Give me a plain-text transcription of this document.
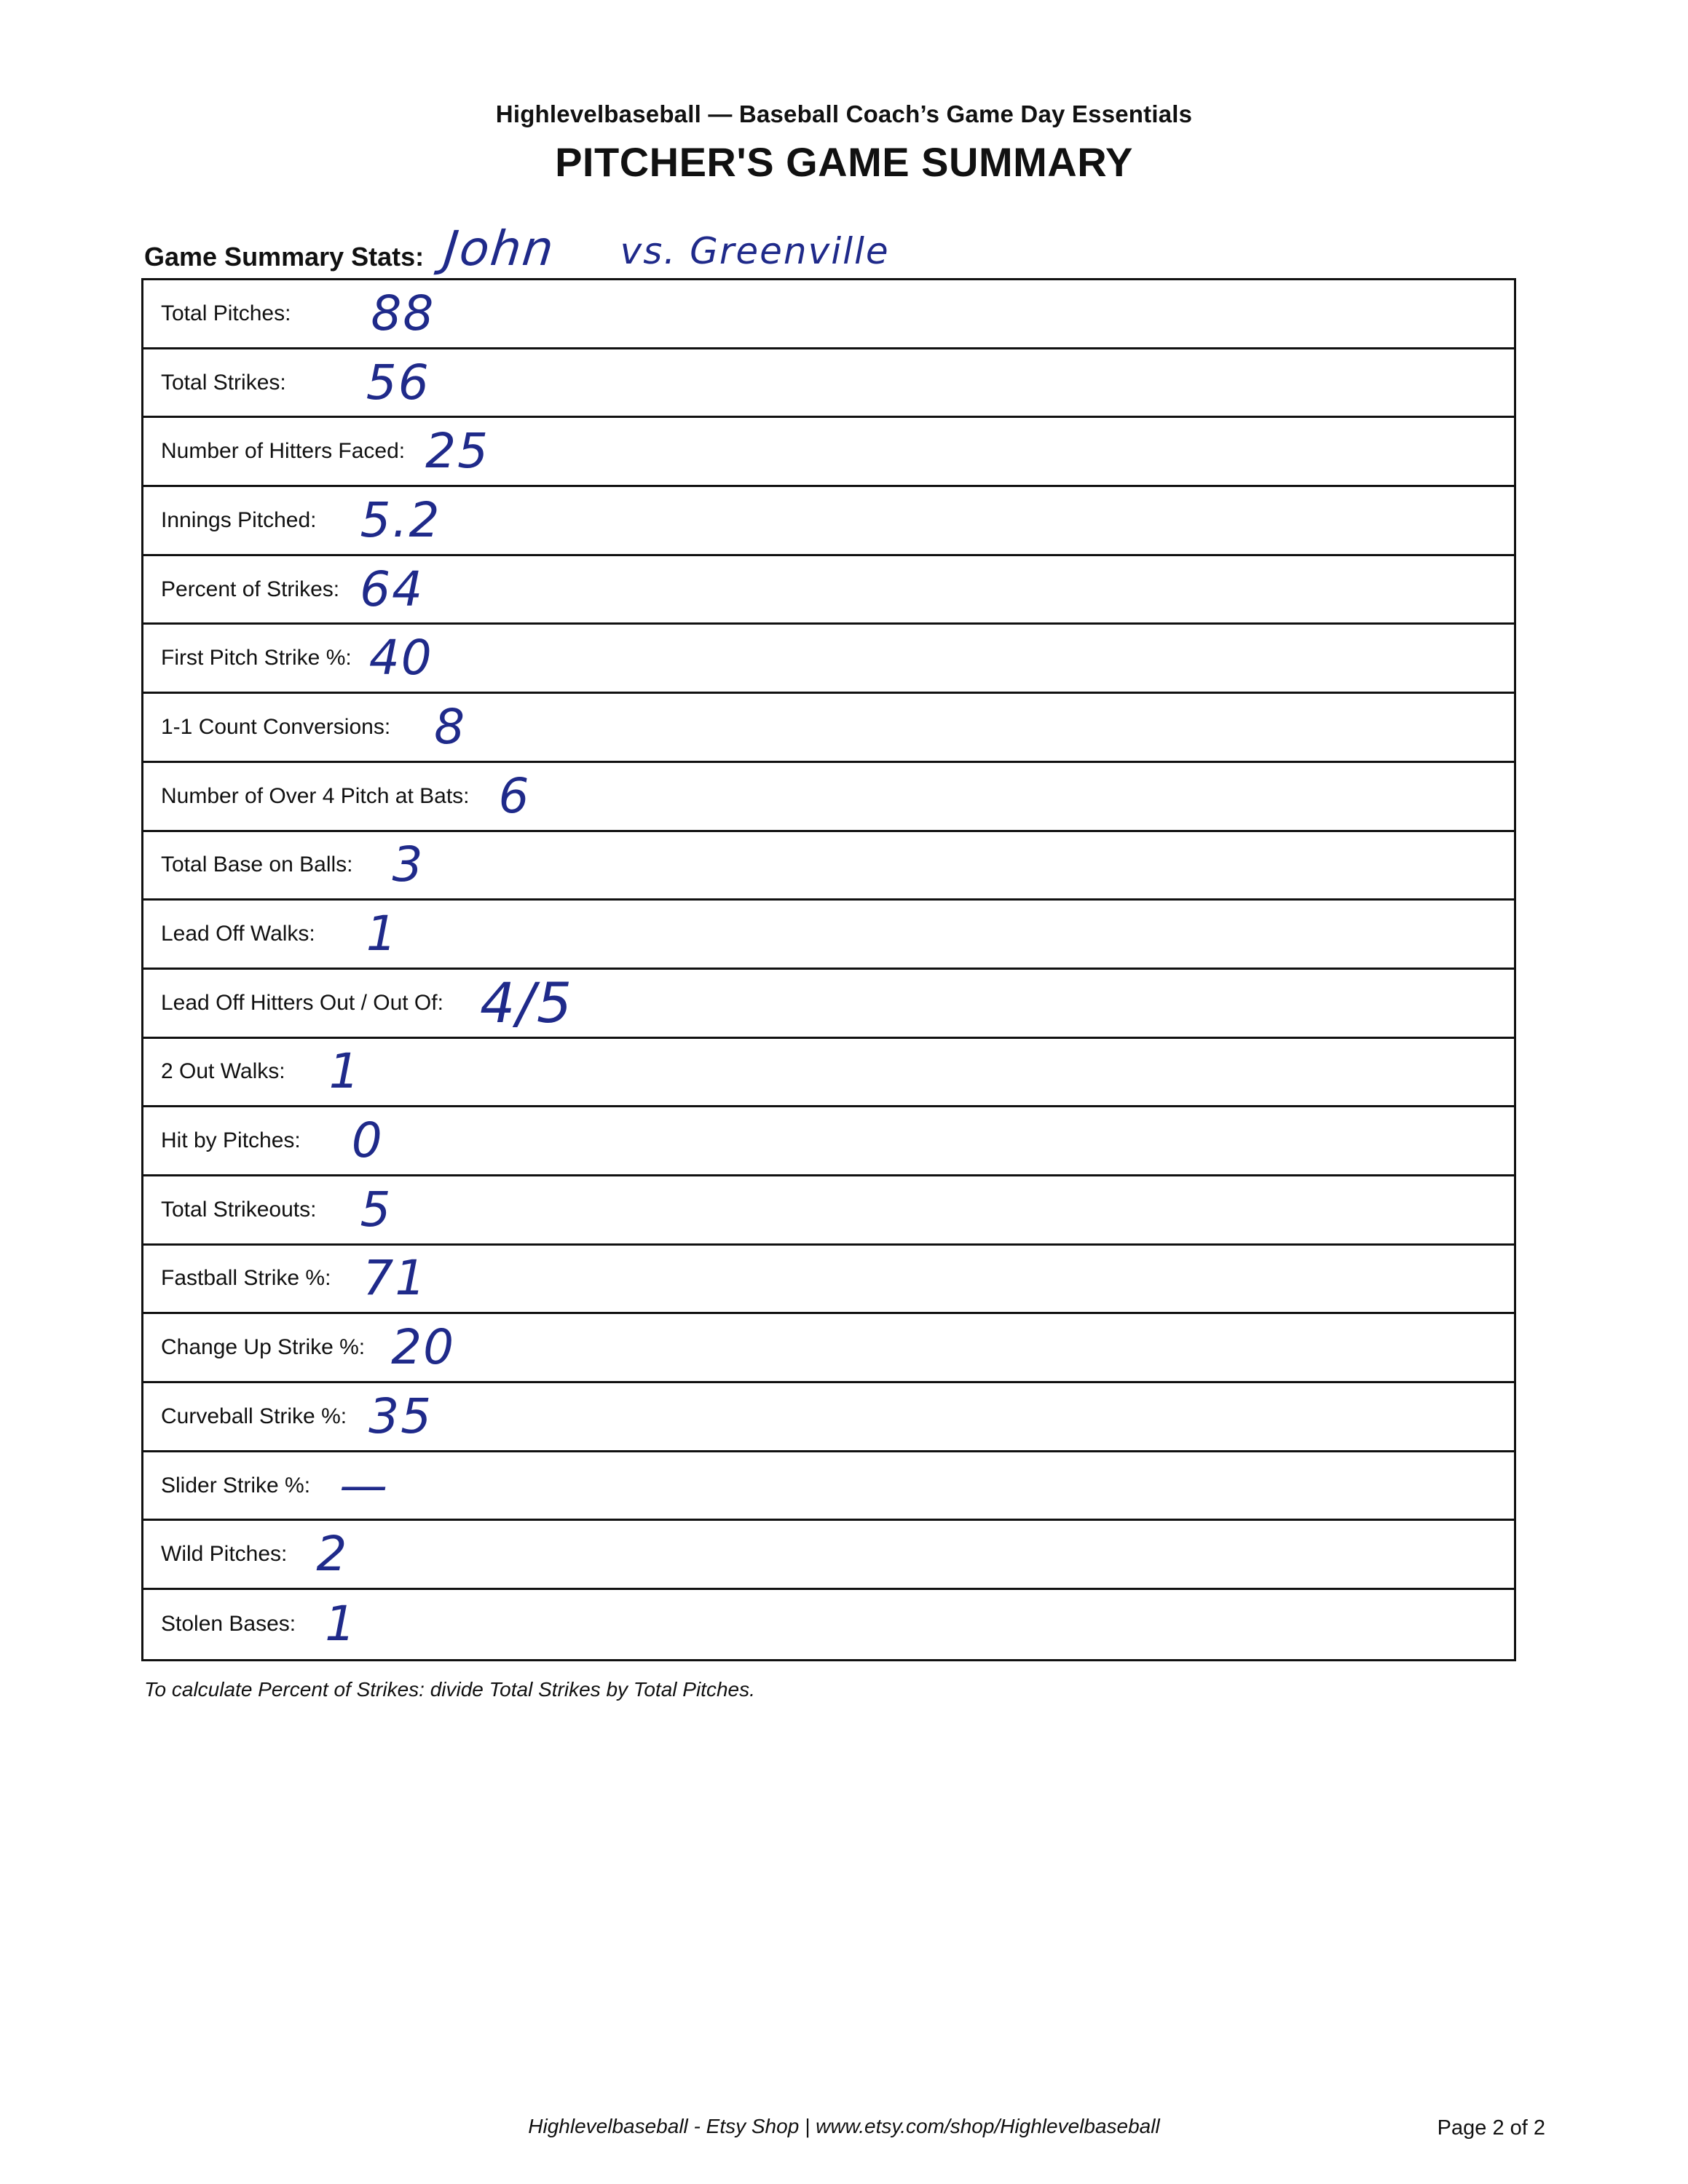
Highlevelbaseball — Baseball Coach’s Game Day Essentials
PITCHER'S GAME SUMMARY
Game Summary Stats: John vs. Greenville
Total Pitches: 88
Total Strikes: 56
Number of Hitters Faced: 25
Innings Pitched: 5.2
Percent of Strikes: 64
First Pitch Strike %: 40
1-1 Count Conversions: 8
Number of Over 4 Pitch at Bats: 6
Total Base on Balls: 3
Lead Off Walks: 1
Lead Off Hitters Out / Out Of: 4/5
2 Out Walks: 1
Hit by Pitches: 0
Total Strikeouts: 5
Fastball Strike %: 71
Change Up Strike %: 20
Curveball Strike %: 35
Slider Strike %: —
Wild Pitches: 2
Stolen Bases: 1
To calculate Percent of Strikes: divide Total Strikes by Total Pitches.
Highlevelbaseball - Etsy Shop | www.etsy.com/shop/Highlevelbaseball	Page 2 of 2
